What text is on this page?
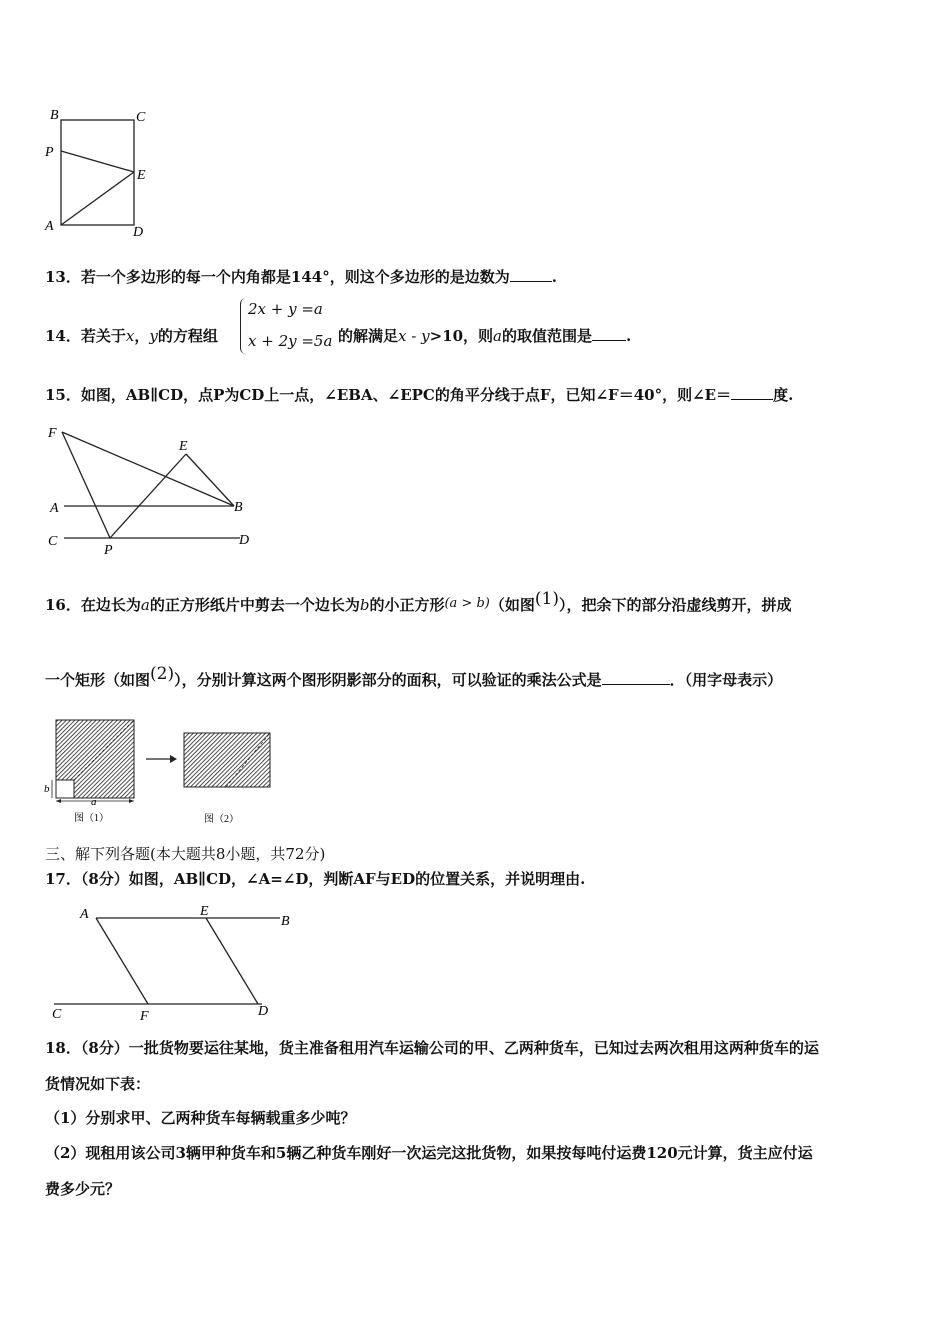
B	C
P
E
A	D
13．若一个多边形的每一个内角都是144°，则这个多边形的是边数为	.
2x + y =a
x + 2y =5a
14．若关于x，y的方程组	的解满足x - y>10，则a的取值范围是 .
15．如图，AB∥CD，点P为CD上一点，∠EBA、∠EPC的角平分线于点F，已知∠F＝40°，则∠E＝	度.
F
E
A	B
C	D
P
16．在边长为a的正方形纸片中剪去一个边长为b的小正方形(a > b)（如图(1)），把余下的部分沿虚线剪开，拼成
一个矩形（如图(2)），分别计算这两个图形阴影部分的面积，可以验证的乘法公式是	．（用字母表示）
b
a
图（1）	图（2）
三、解下列各题(本大题共8小题，共72分)
17．（8分）如图，AB∥CD，∠A=∠D，判断AF与ED的位置关系，并说明理由.
A	E
B
C	F	D
18．（8分）一批货物要运往某地，货主准备租用汽车运输公司的甲、乙两种货车，已知过去两次租用这两种货车的运
货情况如下表：
（1）分别求甲、乙两种货车每辆载重多少吨？
（2）现租用该公司3辆甲种货车和5辆乙种货车刚好一次运完这批货物，如果按每吨付运费120元计算，货主应付运
费多少元？
